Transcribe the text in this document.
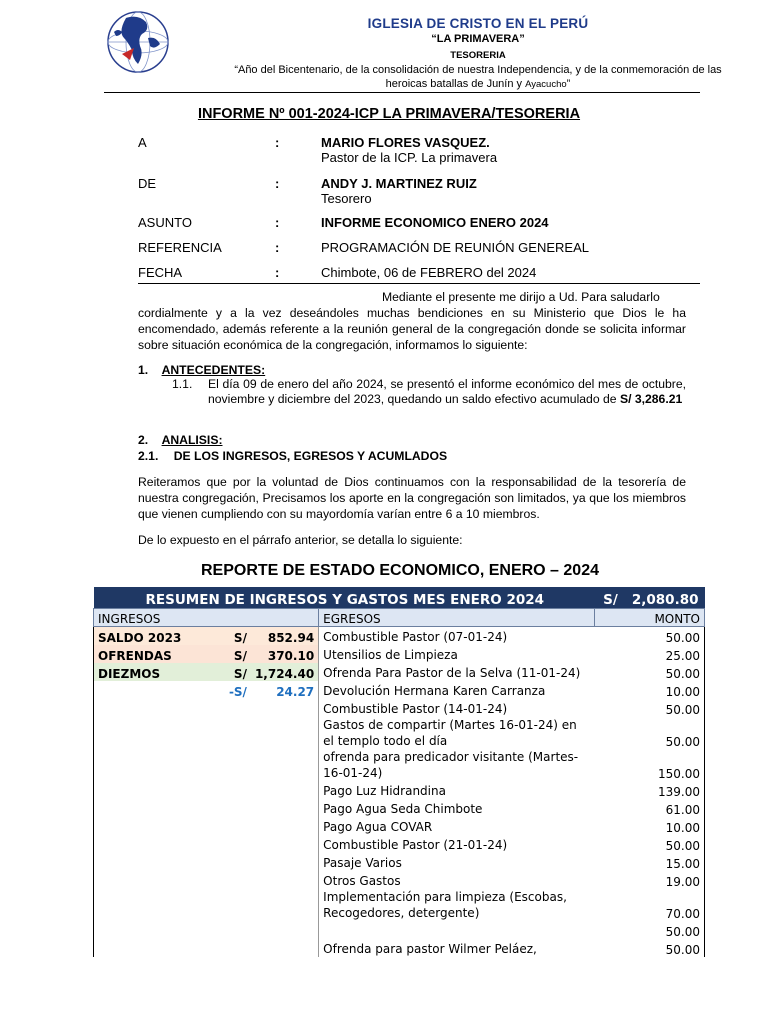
IGLESIA DE CRISTO EN EL PERÚ
“LA PRIMAVERA”
TESORERIA
“Año del Bicentenario, de la consolidación de nuestra Independencia, y de la conmemoración de las
heroicas batallas de Junín y Ayacucho”
INFORME Nº 001-2024-ICP LA PRIMAVERA/TESORERIA
A	:	MARIO FLORES VASQUEZ.
Pastor de la ICP. La primavera
DE	:	ANDY J. MARTINEZ RUIZ
Tesorero
ASUNTO	:	INFORME ECONOMICO ENERO 2024
REFERENCIA	:	PROGRAMACIÓN DE REUNIÓN GENEREAL
FECHA	:	Chimbote, 06 de FEBRERO del 2024
Mediante el presente me dirijo a Ud. Para saludarlo
cordialmente y a la vez deseándoles muchas bendiciones en su Ministerio que Dios le ha encomendado, además referente a la reunión general de la congregación donde se solicita informar sobre situación económica de la congregación, informamos lo siguiente:
1. ANTECEDENTES:
1.1. El día 09 de enero del año 2024, se presentó el informe económico del mes de octubre, noviembre y diciembre del 2023, quedando un saldo efectivo acumulado de S/ 3,286.21
2. ANALISIS:
2.1. DE LOS INGRESOS, EGRESOS Y ACUMLADOS
Reiteramos que por la voluntad de Dios continuamos con la responsabilidad de la tesorería de nuestra congregación, Precisamos los aporte en la congregación son limitados, ya que los miembros que vienen cumpliendo con su mayordomía varían entre 6 a 10 miembros.
De lo expuesto en el párrafo anterior, se detalla lo siguiente:
REPORTE DE ESTADO ECONOMICO, ENERO – 2024
RESUMEN DE INGRESOS Y GASTOS MES ENERO 2024				S/ 2,080.80
INGRESOS			EGRESOS	MONTO
SALDO 2023	S/	852.94	Combustible Pastor (07-01-24)	50.00
OFRENDAS	S/	370.10	Utensilios de Limpieza	25.00
DIEZMOS	S/	1,724.40	Ofrenda Para Pastor de la Selva (11-01-24)	50.00
	-S/	24.27	Devolución Hermana Karen Carranza	10.00
			Combustible Pastor (14-01-24)	50.00
			Gastos de compartir (Martes 16-01-24) en el templo todo el día	50.00
			ofrenda para predicador visitante (Martes-16-01-24)	150.00
			Pago Luz Hidrandina	139.00
			Pago Agua Seda Chimbote	61.00
			Pago Agua COVAR	10.00
			Combustible Pastor (21-01-24)	50.00
			Pasaje Varios	15.00
			Otros Gastos	19.00
			Implementación para limpieza (Escobas, Recogedores, detergente)	70.00
				50.00
			Ofrenda para pastor Wilmer Peláez,	50.00
